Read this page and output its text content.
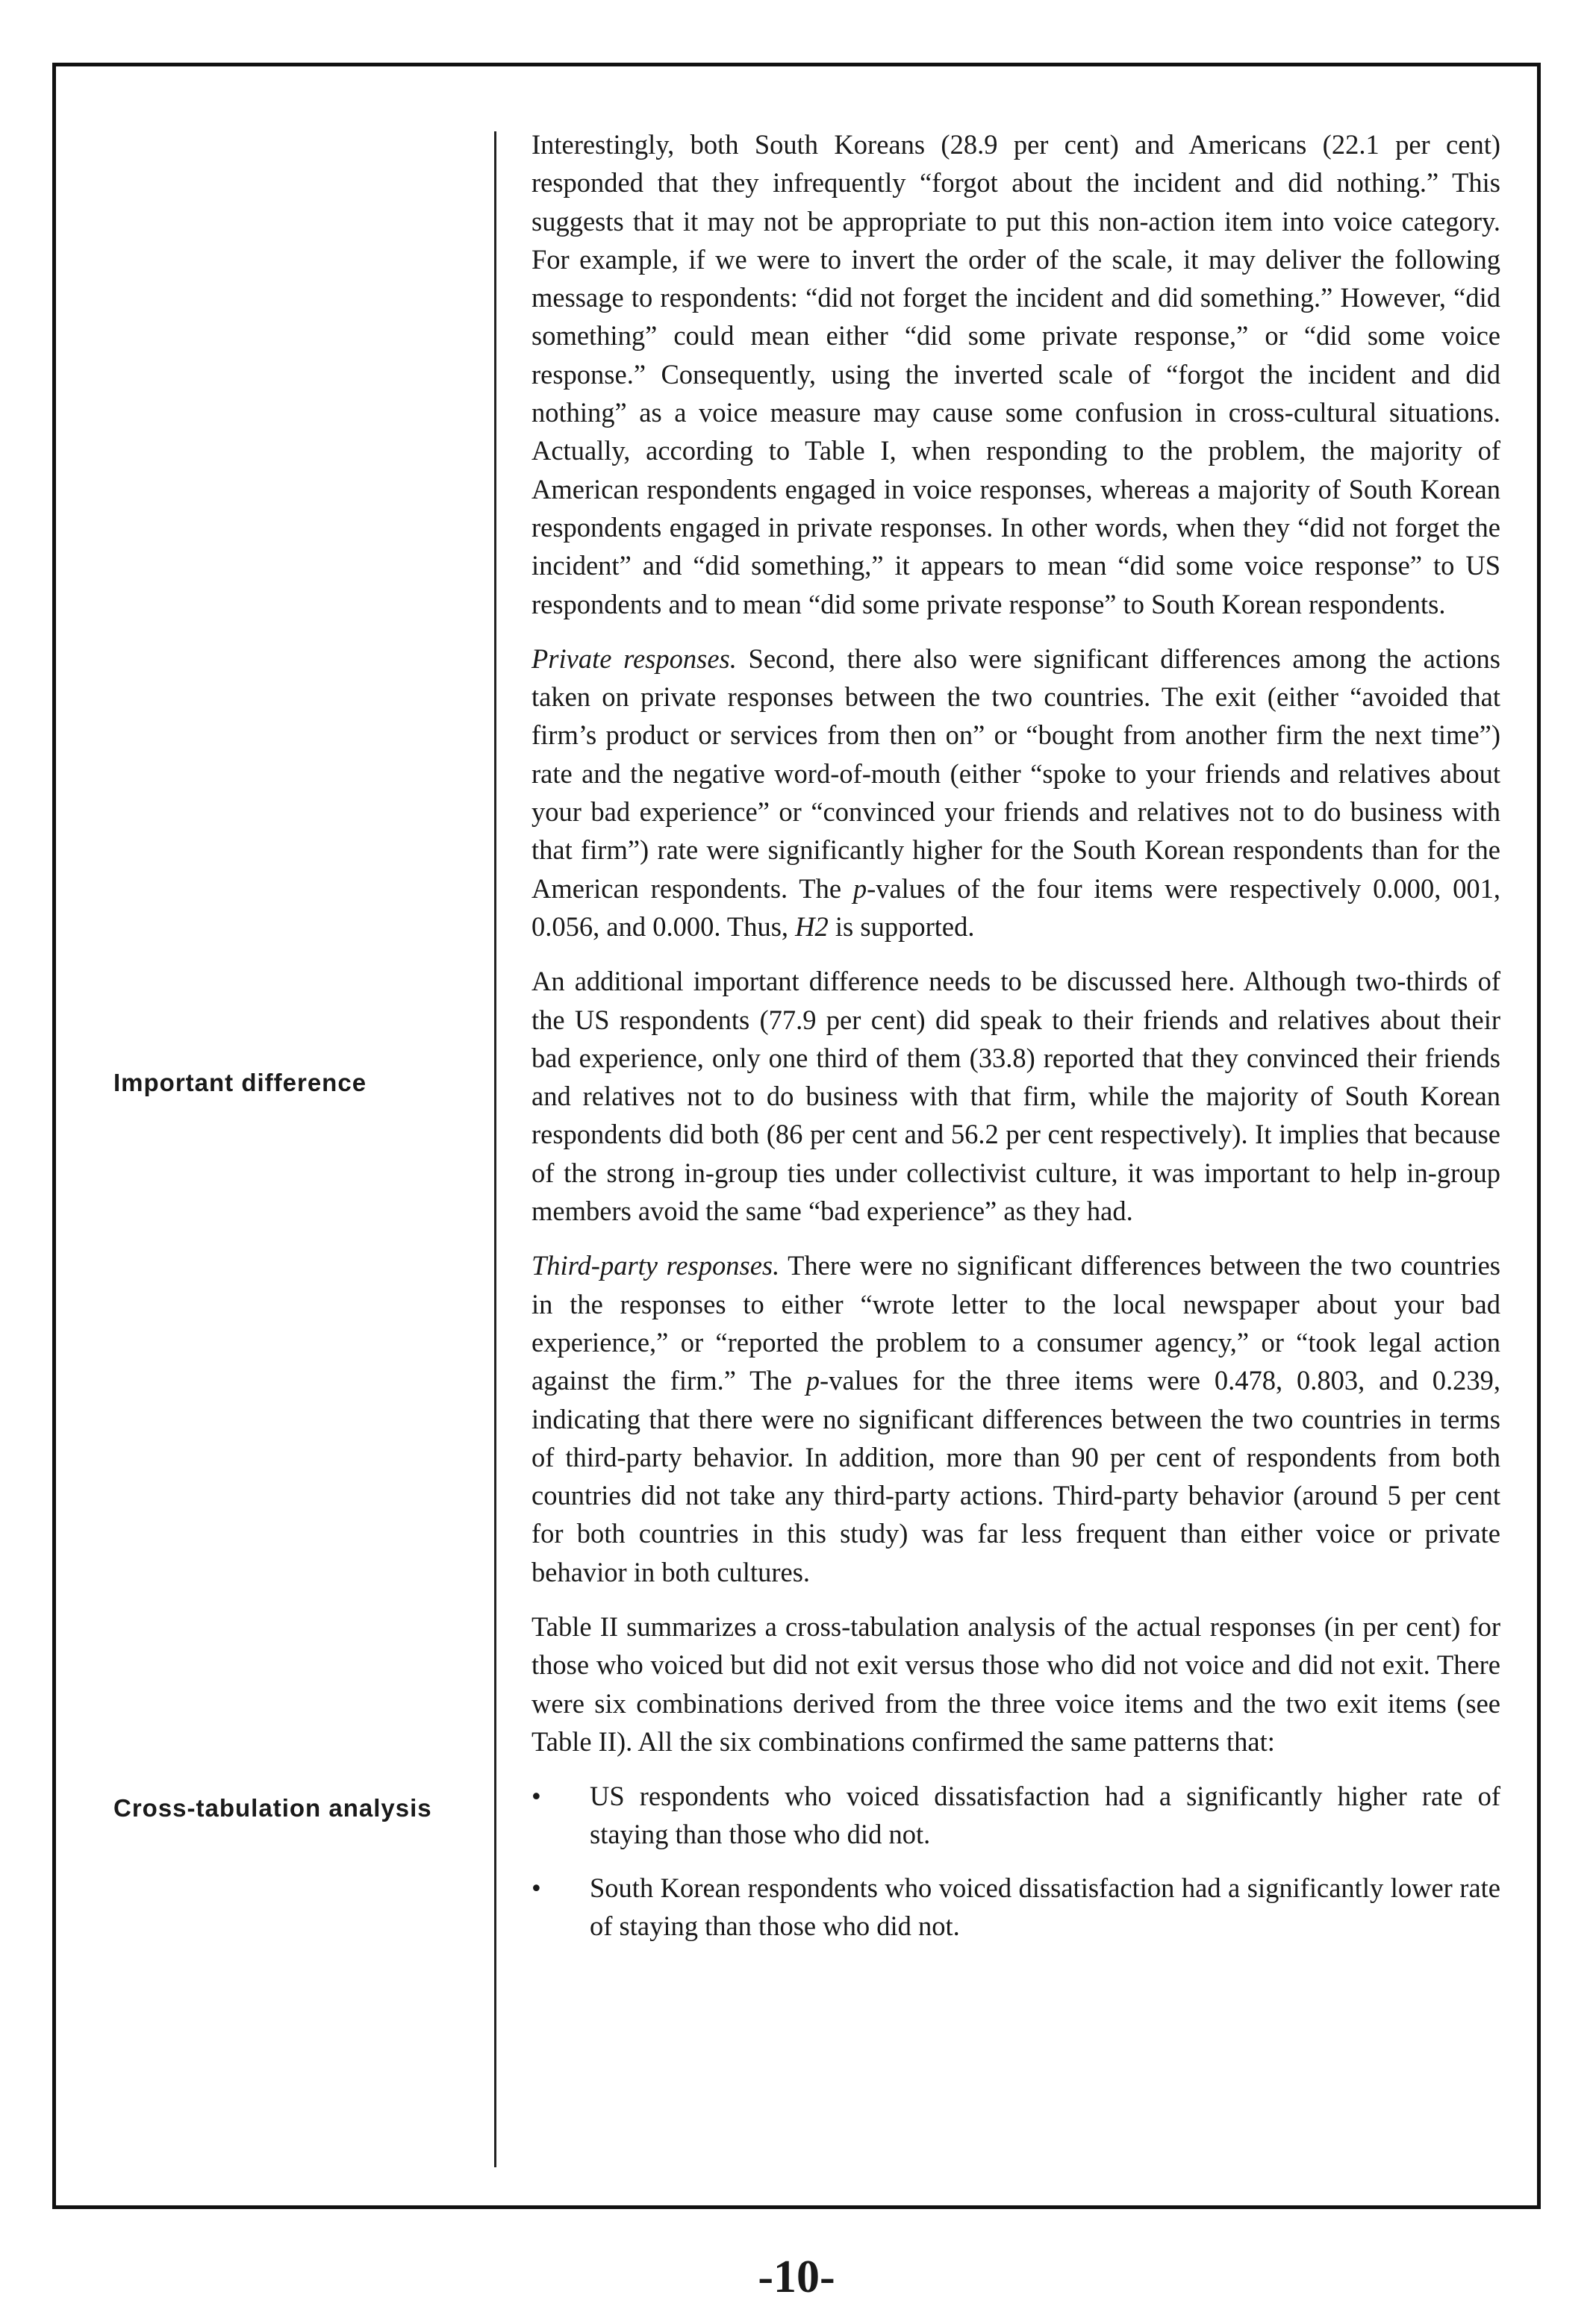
Important difference
Cross-tabulation analysis

Interestingly, both South Koreans (28.9 per cent) and Americans (22.1 per cent) responded that they infrequently “forgot about the incident and did nothing.” This suggests that it may not be appropriate to put this non-action item into voice category. For example, if we were to invert the order of the scale, it may deliver the following message to respondents: “did not forget the incident and did something.” However, “did something” could mean either “did some private response,” or “did some voice response.” Consequently, using the inverted scale of “forgot the incident and did nothing” as a voice measure may cause some confusion in cross-cultural situations. Actually, according to Table I, when responding to the problem, the majority of American respondents engaged in voice responses, whereas a majority of South Korean respondents engaged in private responses. In other words, when they “did not forget the incident” and “did something,” it appears to mean “did some voice response” to US respondents and to mean “did some private response” to South Korean respondents.

Private responses. Second, there also were significant differences among the actions taken on private responses between the two countries. The exit (either “avoided that firm’s product or services from then on” or “bought from another firm the next time”) rate and the negative word-of-mouth (either “spoke to your friends and relatives about your bad experience” or “convinced your friends and relatives not to do business with that firm”) rate were significantly higher for the South Korean respondents than for the American respondents. The p-values of the four items were respectively 0.000, 001, 0.056, and 0.000. Thus, H2 is supported.

An additional important difference needs to be discussed here. Although two-thirds of the US respondents (77.9 per cent) did speak to their friends and relatives about their bad experience, only one third of them (33.8) reported that they convinced their friends and relatives not to do business with that firm, while the majority of South Korean respondents did both (86 per cent and 56.2 per cent respectively). It implies that because of the strong in-group ties under collectivist culture, it was important to help in-group members avoid the same “bad experience” as they had.

Third-party responses. There were no significant differences between the two countries in the responses to either “wrote letter to the local newspaper about your bad experience,” or “reported the problem to a consumer agency,” or “took legal action against the firm.” The p-values for the three items were 0.478, 0.803, and 0.239, indicating that there were no significant differences between the two countries in terms of third-party behavior. In addition, more than 90 per cent of respondents from both countries did not take any third-party actions. Third-party behavior (around 5 per cent for both countries in this study) was far less frequent than either voice or private behavior in both cultures.

Table II summarizes a cross-tabulation analysis of the actual responses (in per cent) for those who voiced but did not exit versus those who did not voice and did not exit. There were six combinations derived from the three voice items and the two exit items (see Table II). All the six combinations confirmed the same patterns that:

• US respondents who voiced dissatisfaction had a significantly higher rate of staying than those who did not.
• South Korean respondents who voiced dissatisfaction had a significantly lower rate of staying than those who did not.
-10-
